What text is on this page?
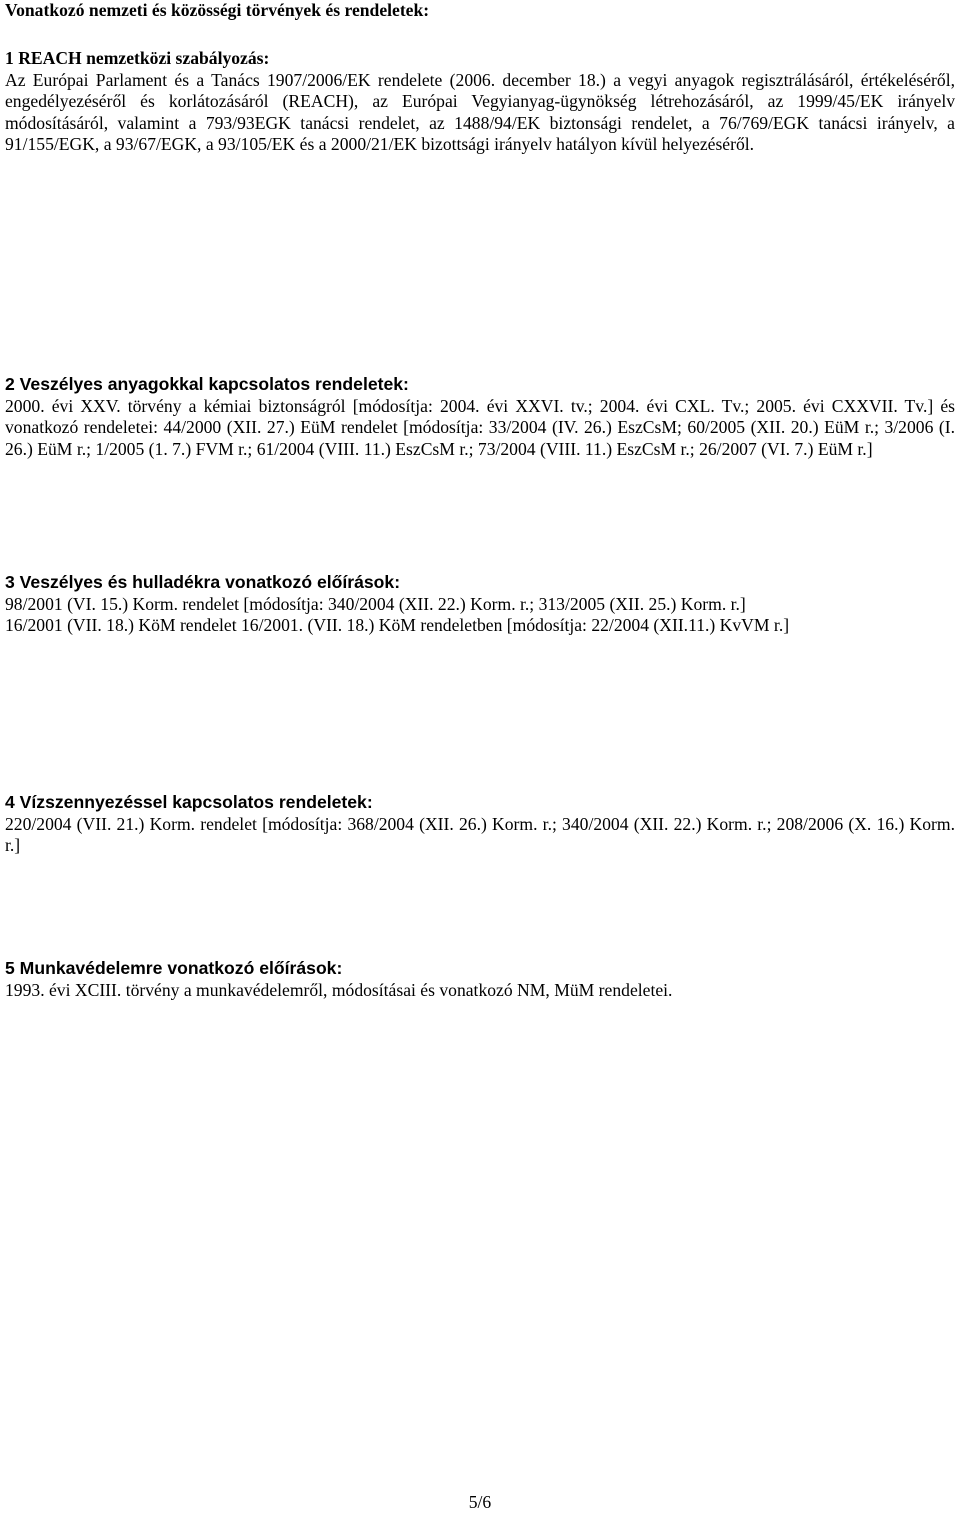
Vonatkozó nemzeti és közösségi törvények és rendeletek:

1 REACH nemzetközi szabályozás:

Az Európai Parlament és a Tanács 1907/2006/EK rendelete (2006. december 18.) a vegyi anyagok regisztrálásáról, értékeléséről, engedélyezéséről és korlátozásáról (REACH), az Európai Vegyianyag-ügynökség létrehozásáról, az 1999/45/EK irányelv módosításáról, valamint a 793/93EGK tanácsi rendelet, az 1488/94/EK biztonsági rendelet, a 76/769/EGK tanácsi irányelv, a 91/155/EGK, a 93/67/EGK, a 93/105/EK és a 2000/21/EK bizottsági irányelv hatályon kívül helyezéséről.

2 Veszélyes anyagokkal kapcsolatos rendeletek:

2000. évi XXV. törvény a kémiai biztonságról [módosítja: 2004. évi XXVI. tv.; 2004. évi CXL. Tv.; 2005. évi CXXVII. Tv.] és vonatkozó rendeletei: 44/2000 (XII. 27.) EüM rendelet [módosítja: 33/2004 (IV. 26.) EszCsM; 60/2005 (XII. 20.) EüM r.; 3/2006 (I. 26.) EüM r.; 1/2005 (1. 7.) FVM r.; 61/2004 (VIII. 11.) EszCsM r.; 73/2004 (VIII. 11.) EszCsM r.; 26/2007 (VI. 7.) EüM r.]

3 Veszélyes és hulladékra vonatkozó előírások:

98/2001 (VI. 15.) Korm. rendelet [módosítja: 340/2004 (XII. 22.) Korm. r.; 313/2005 (XII. 25.) Korm. r.]

16/2001 (VII. 18.) KöM rendelet 16/2001. (VII. 18.) KöM rendeletben [módosítja: 22/2004 (XII.11.) KvVM r.]

4 Vízszennyezéssel kapcsolatos rendeletek:

220/2004 (VII. 21.) Korm. rendelet [módosítja: 368/2004 (XII. 26.) Korm. r.; 340/2004 (XII. 22.) Korm. r.; 208/2006 (X. 16.) Korm. r.]

5 Munkavédelemre vonatkozó előírások:

1993. évi XCIII. törvény a munkavédelemről, módosításai és vonatkozó NM, MüM rendeletei.

5/6
